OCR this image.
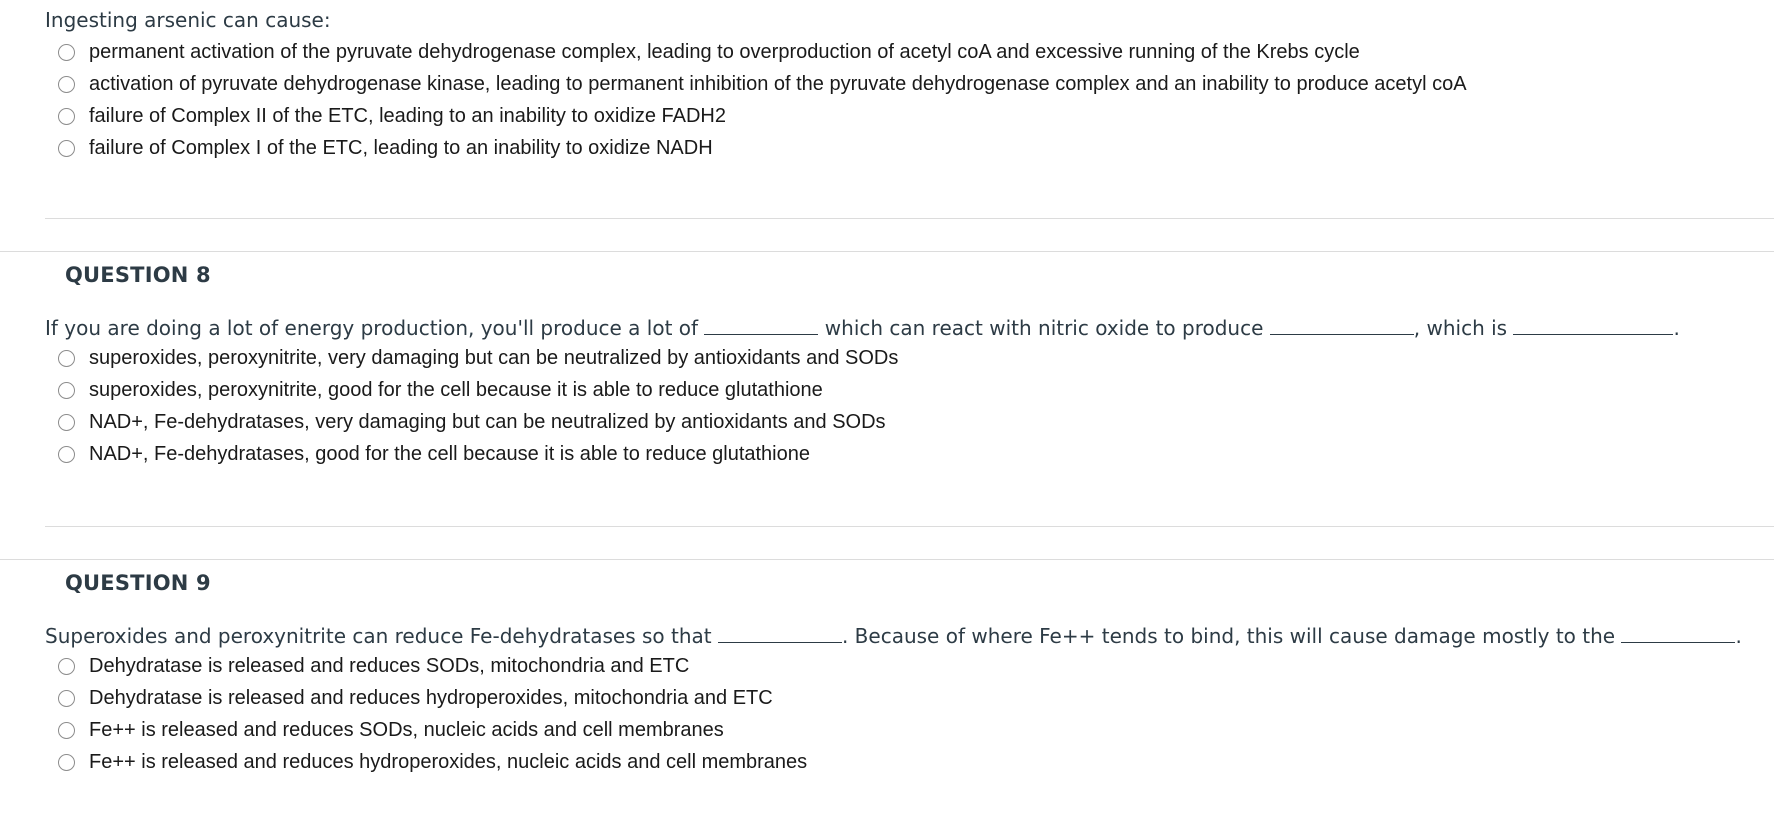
Ingesting arsenic can cause:
permanent activation of the pyruvate dehydrogenase complex, leading to overproduction of acetyl coA and excessive running of the Krebs cycle
activation of pyruvate dehydrogenase kinase, leading to permanent inhibition of the pyruvate dehydrogenase complex and an inability to produce acetyl coA
failure of Complex II of the ETC, leading to an inability to oxidize FADH2
failure of Complex I of the ETC, leading to an inability to oxidize NADH
QUESTION 8
If you are doing a lot of energy production, you'll produce a lot of	which can react with nitric oxide to produce	, which is	.
superoxides, peroxynitrite, very damaging but can be neutralized by antioxidants and SODs
superoxides, peroxynitrite, good for the cell because it is able to reduce glutathione
NAD+, Fe-dehydratases, very damaging but can be neutralized by antioxidants and SODs
NAD+, Fe-dehydratases, good for the cell because it is able to reduce glutathione
QUESTION 9
Superoxides and peroxynitrite can reduce Fe-dehydratases so that	. Because of where Fe++ tends to bind, this will cause damage mostly to the	.
Dehydratase is released and reduces SODs, mitochondria and ETC
Dehydratase is released and reduces hydroperoxides, mitochondria and ETC
Fe++ is released and reduces SODs, nucleic acids and cell membranes
Fe++ is released and reduces hydroperoxides, nucleic acids and cell membranes
